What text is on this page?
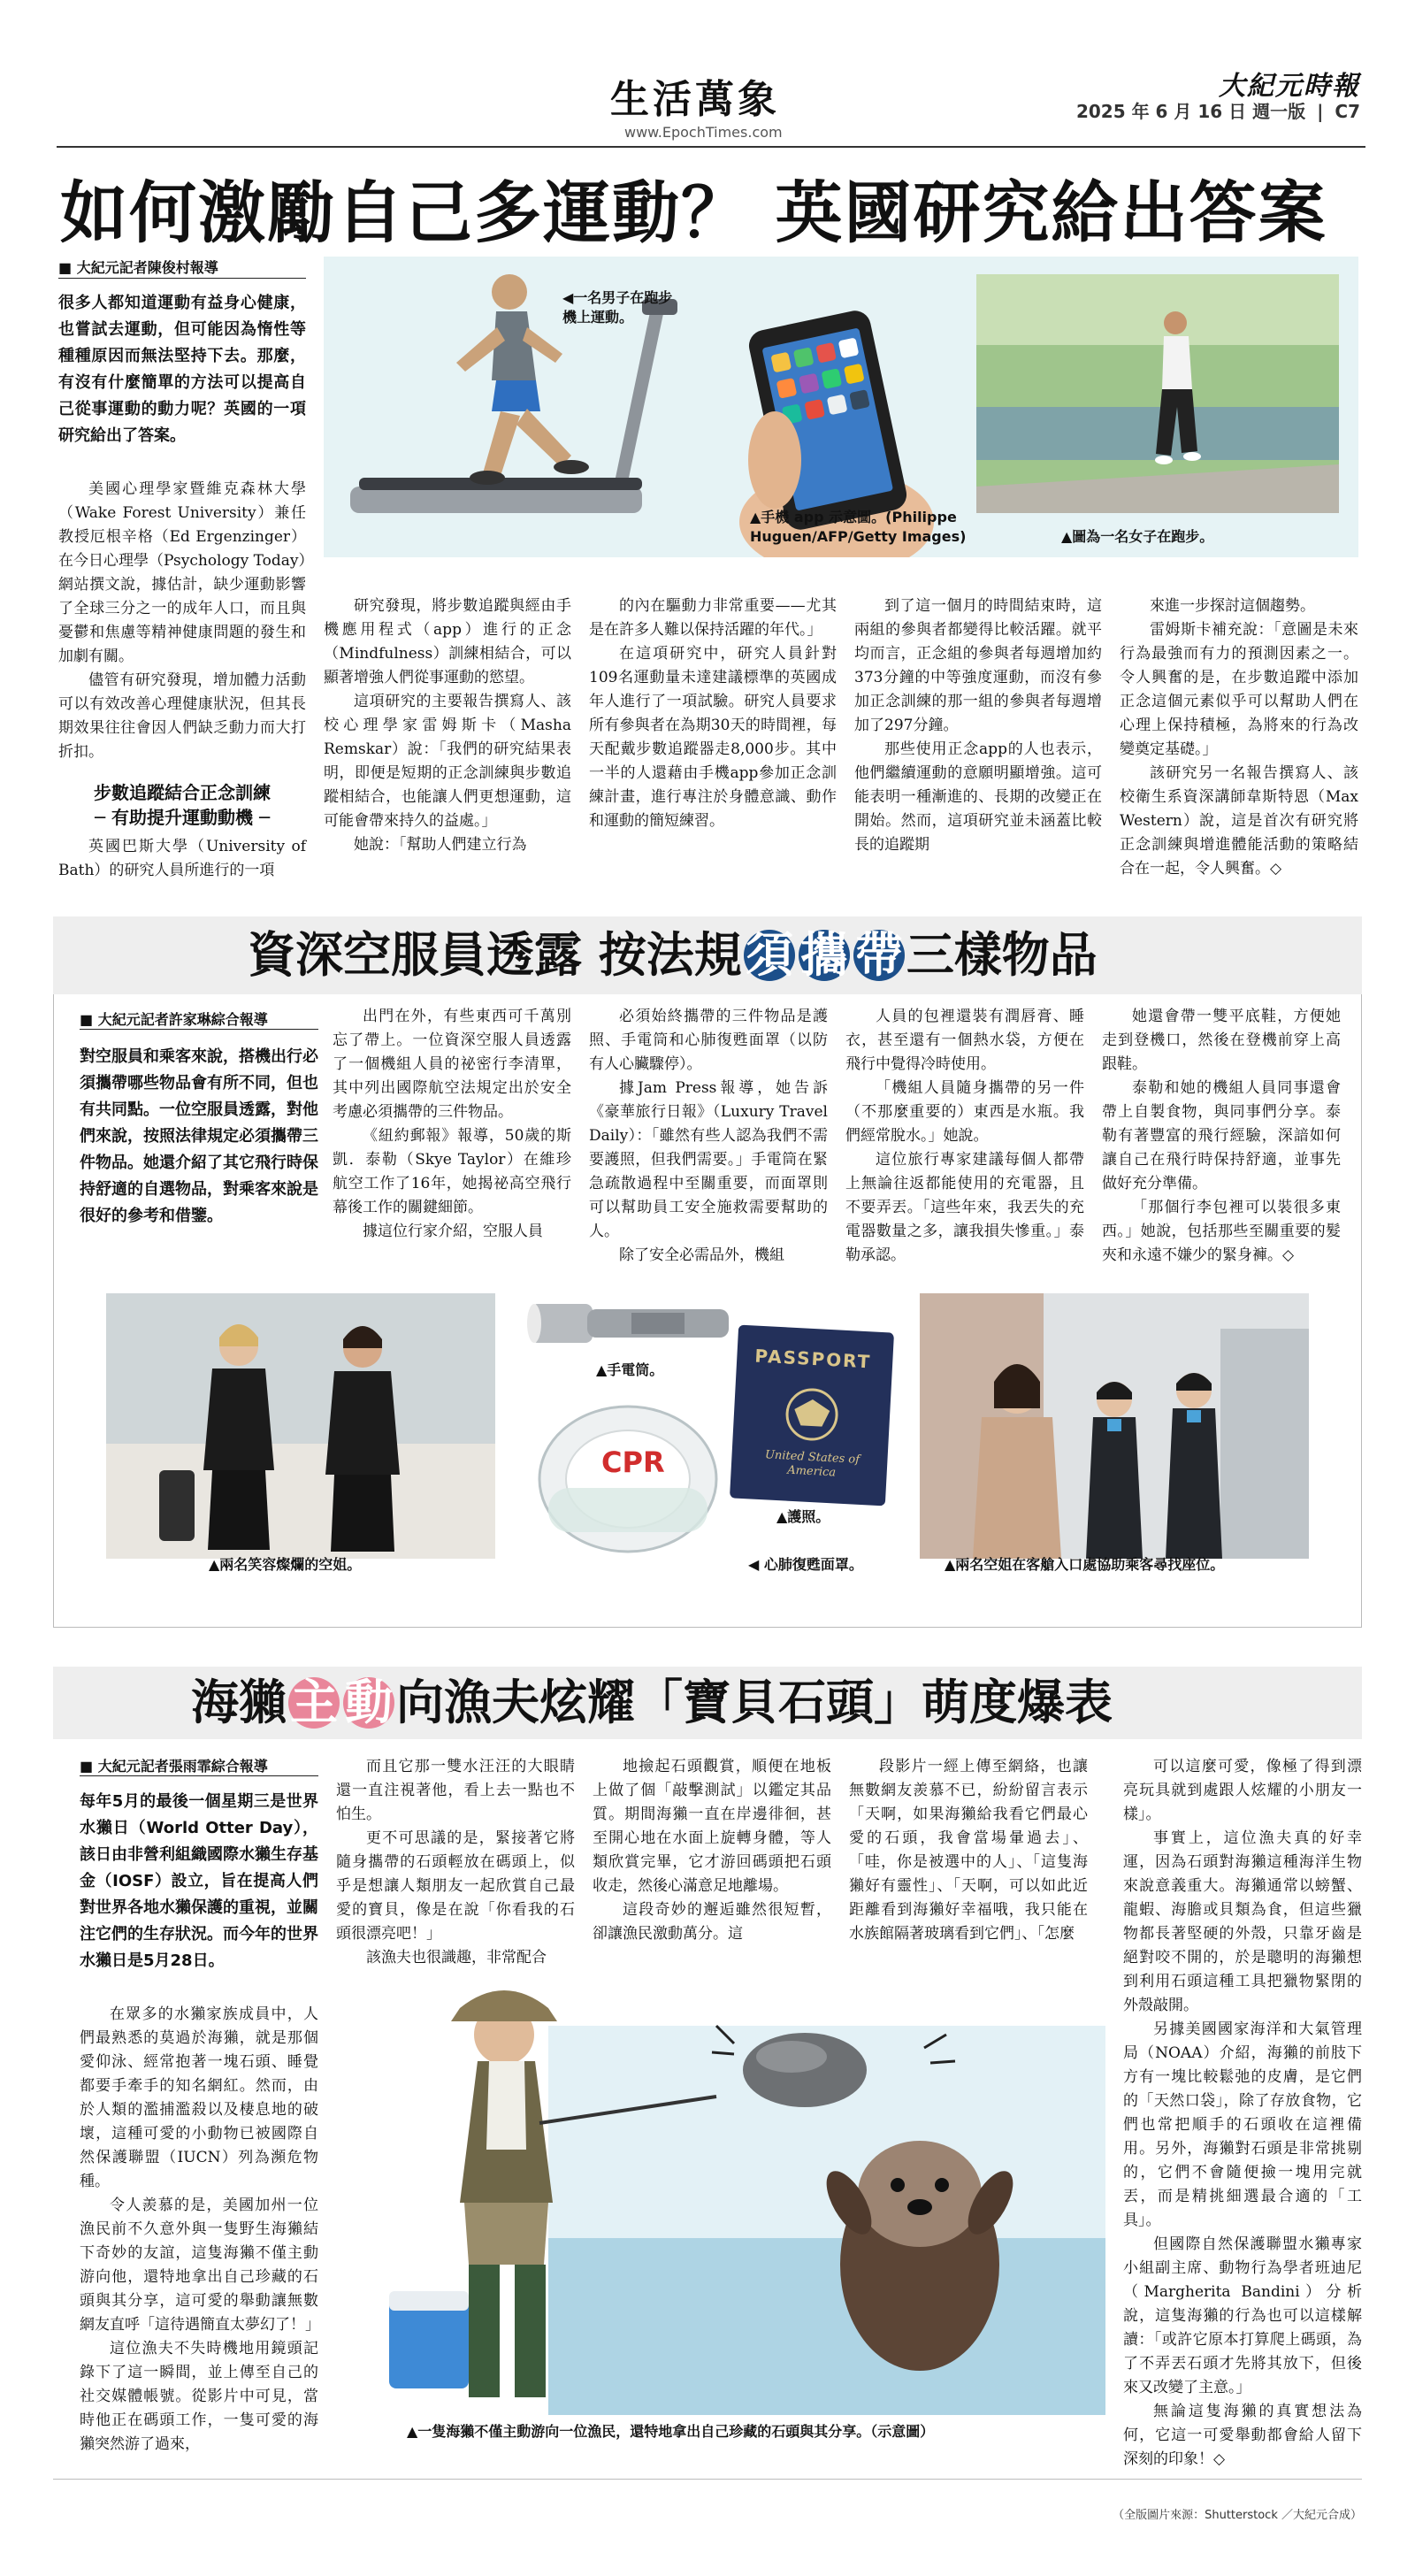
生活萬象
www.EpochTimes.com
大紀元時報
2025 年 6 月 16 日 週一版 | C7
如何激勵自己多運動？ 英國研究給出答案
■ 大紀元記者陳俊村報導
很多人都知道運動有益身心健康，也嘗試去運動，但可能因為惰性等種種原因而無法堅持下去。那麼，有沒有什麼簡單的方法可以提高自己從事運動的動力呢？英國的一項研究給出了答案。

美國心理學家暨維克森林大學（Wake Forest University）兼任教授厄根辛格（Ed Ergenzinger）在今日心理學（Psychology Today）網站撰文說，據估計，缺少運動影響了全球三分之一的成年人口，而且與憂鬱和焦慮等精神健康問題的發生和加劇有關。

儘管有研究發現，增加體力活動可以有效改善心理健康狀況，但其長期效果往往會因人們缺乏動力而大打折扣。

步數追蹤結合正念訓練
─ 有助提升運動動機 ─

英國巴斯大學（University of Bath）的研究人員所進行的一項

◀一名男子在跑步機上運動。
▲手機 app 示意圖。(Philippe Huguen/AFP/Getty Images)	▲圖為一名女子在跑步。

研究發現，將步數追蹤與經由手機應用程式（app）進行的正念（Mindfulness）訓練相結合，可以顯著增強人們從事運動的慾望。

這項研究的主要報告撰寫人、該校心理學家雷姆斯卡（Masha Remskar）說：「我們的研究結果表明，即便是短期的正念訓練與步數追蹤相結合，也能讓人們更想運動，這可能會帶來持久的益處。」

她說：「幫助人們建立行為

的內在驅動力非常重要——尤其是在許多人難以保持活躍的年代。」

在這項研究中，研究人員針對109名運動量未達建議標準的英國成年人進行了一項試驗。研究人員要求所有參與者在為期30天的時間裡，每天配戴步數追蹤器走8,000步。其中一半的人還藉由手機app參加正念訓練計畫，進行專注於身體意識、動作和運動的簡短練習。

到了這一個月的時間結束時，這兩組的參與者都變得比較活躍。就平均而言，正念組的參與者每週增加約373分鐘的中等強度運動，而沒有參加正念訓練的那一組的參與者每週增加了297分鐘。

那些使用正念app的人也表示，他們繼續運動的意願明顯增強。這可能表明一種漸進的、長期的改變正在開始。然而，這項研究並未涵蓋比較長的追蹤期

來進一步探討這個趨勢。

雷姆斯卡補充說：「意圖是未來行為最強而有力的預測因素之一。令人興奮的是，在步數追蹤中添加正念這個元素似乎可以幫助人們在心理上保持積極，為將來的行為改變奠定基礎。」

該研究另一名報告撰寫人、該校衛生系資深講師韋斯特恩（Max Western）說，這是首次有研究將正念訓練與增進體能活動的策略結合在一起，令人興奮。◇

資深空服員透露 按法規須 攜 帶三樣物品
■ 大紀元記者許家琳綜合報導
對空服員和乘客來說，搭機出行必須攜帶哪些物品會有所不同，但也有共同點。一位空服員透露，對他們來說，按照法律規定必須攜帶三件物品。她還介紹了其它飛行時保持舒適的自選物品，對乘客來說是很好的參考和借鑒。

出門在外，有些東西可千萬別忘了帶上。一位資深空服人員透露了一個機組人員的祕密行李清單，其中列出國際航空法規定出於安全考慮必須攜帶的三件物品。

《紐約郵報》報導，50歲的斯凱．泰勒（Skye Taylor）在維珍航空工作了16年，她揭祕高空飛行幕後工作的關鍵細節。

據這位行家介紹，空服人員

必須始終攜帶的三件物品是護照、手電筒和心肺復甦面罩（以防有人心臟驟停）。

據Jam Press報導，她告訴《豪華旅行日報》（Luxury Travel Daily）：「雖然有些人認為我們不需要護照，但我們需要。」手電筒在緊急疏散過程中至關重要，而面罩則可以幫助員工安全施救需要幫助的人。

除了安全必需品外，機組

人員的包裡還裝有潤唇膏、睡衣，甚至還有一個熱水袋，方便在飛行中覺得冷時使用。

「機組人員隨身攜帶的另一件（不那麼重要的）東西是水瓶。我們經常脫水。」她說。

這位旅行專家建議每個人都帶上無論往返都能使用的充電器，且不要弄丟。「這些年來，我丟失的充電器數量之多，讓我損失慘重。」泰勒承認。

她還會帶一雙平底鞋，方便她走到登機口，然後在登機前穿上高跟鞋。

泰勒和她的機組人員同事還會帶上自製食物，與同事們分享。泰勒有著豐富的飛行經驗，深諳如何讓自己在飛行時保持舒適，並事先做好充分準備。

「那個行李包裡可以裝很多東西。」她說，包括那些至關重要的髮夾和永遠不嫌少的緊身褲。◇

▲兩名笑容燦爛的空姐。
▲手電筒。
CPR
◀ 心肺復甦面罩。
PASSPORT
United States of America
▲護照。
▲兩名空姐在客艙入口處協助乘客尋找座位。
海獺主 動向漁夫炫耀「寶貝石頭」萌度爆表
■ 大紀元記者張雨霏綜合報導
每年5月的最後一個星期三是世界水獺日（World Otter Day），該日由非營利組織國際水獺生存基金（IOSF）設立，旨在提高人們對世界各地水獺保護的重視，並關注它們的生存狀況。而今年的世界水獺日是5月28日。

在眾多的水獺家族成員中，人們最熟悉的莫過於海獺，就是那個愛仰泳、經常抱著一塊石頭、睡覺都要手牽手的知名網紅。然而，由於人類的濫捕濫殺以及棲息地的破壞，這種可愛的小動物已被國際自然保護聯盟（IUCN）列為瀕危物種。

令人羨慕的是，美國加州一位漁民前不久意外與一隻野生海獺結下奇妙的友誼，這隻海獺不僅主動游向他，還特地拿出自己珍藏的石頭與其分享，這可愛的舉動讓無數網友直呼「這待遇簡直太夢幻了！」

這位漁夫不失時機地用鏡頭記錄下了這一瞬間，並上傳至自己的社交媒體帳號。從影片中可見，當時他正在碼頭工作，一隻可愛的海獺突然游了過來，

而且它那一雙水汪汪的大眼睛還一直注視著他，看上去一點也不怕生。

更不可思議的是，緊接著它將隨身攜帶的石頭輕放在碼頭上，似乎是想讓人類朋友一起欣賞自己最愛的寶貝，像是在說「你看我的石頭很漂亮吧！」

該漁夫也很識趣，非常配合

地撿起石頭觀賞，順便在地板上做了個「敲擊測試」以鑑定其品質。期間海獺一直在岸邊徘徊，甚至開心地在水面上旋轉身體，等人類欣賞完畢，它才游回碼頭把石頭收走，然後心滿意足地離場。

這段奇妙的邂逅雖然很短暫，卻讓漁民激動萬分。這

段影片一經上傳至網絡，也讓無數網友羨慕不已，紛紛留言表示「天啊，如果海獺給我看它們最心愛的石頭，我會當場暈過去」、「哇，你是被選中的人」、「這隻海獺好有靈性」、「天啊，可以如此近距離看到海獺好幸福哦，我只能在水族館隔著玻璃看到它們」、「怎麼

可以這麼可愛，像極了得到漂亮玩具就到處跟人炫耀的小朋友一樣」。

事實上，這位漁夫真的好幸運，因為石頭對海獺這種海洋生物來說意義重大。海獺通常以螃蟹、龍蝦、海膽或貝類為食，但這些獵物都長著堅硬的外殼，只靠牙齒是絕對咬不開的，於是聰明的海獺想到利用石頭這種工具把獵物緊閉的外殼敲開。

另據美國國家海洋和大氣管理局（NOAA）介紹，海獺的前肢下方有一塊比較鬆弛的皮膚，是它們的「天然口袋」，除了存放食物，它們也常把順手的石頭收在這裡備用。另外，海獺對石頭是非常挑剔的，它們不會隨便撿一塊用完就丟，而是精挑細選最合適的「工具」。

但國際自然保護聯盟水獺專家小組副主席、動物行為學者班迪尼（Margherita Bandini）分析說，這隻海獺的行為也可以這樣解讀：「或許它原本打算爬上碼頭，為了不弄丟石頭才先將其放下，但後來又改變了主意。」

無論這隻海獺的真實想法為何，它這一可愛舉動都會給人留下深刻的印象！◇

▲一隻海獺不僅主動游向一位漁民，還特地拿出自己珍藏的石頭與其分享。（示意圖）
（全版圖片來源：Shutterstock ／大紀元合成）
